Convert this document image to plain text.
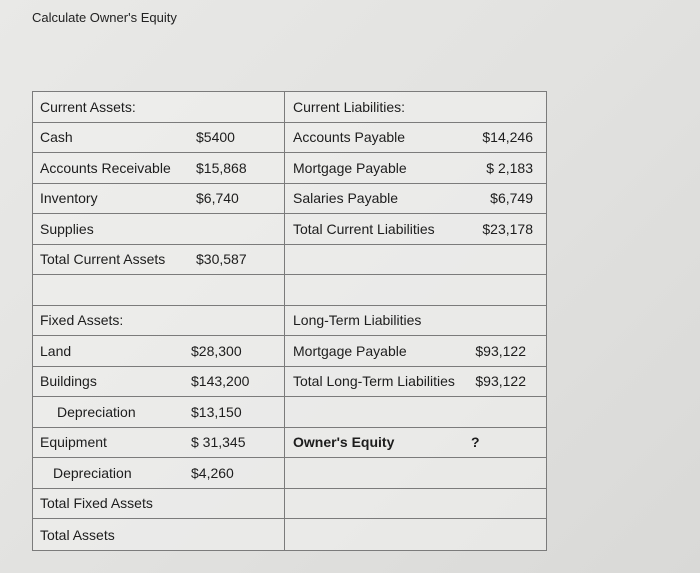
Calculate Owner's Equity
Current Assets:	Current Liabilities:

Cash $5400	Accounts Payable $14,246

Accounts Receivable $15,868	Mortgage Payable $ 2,183

Inventory $6,740	Salaries Payable $6,749

Supplies	Total Current Liabilities $23,178

Total Current Assets $30,587	

Fixed Assets:	Long-Term Liabilities

Land $28,300	Mortgage Payable $93,122

Buildings $143,200	Total Long-Term Liabilities $93,122

Depreciation $13,150	

Equipment $ 31,345	Owner's Equity ?

Depreciation $4,260	

Total Fixed Assets	

Total Assets	
